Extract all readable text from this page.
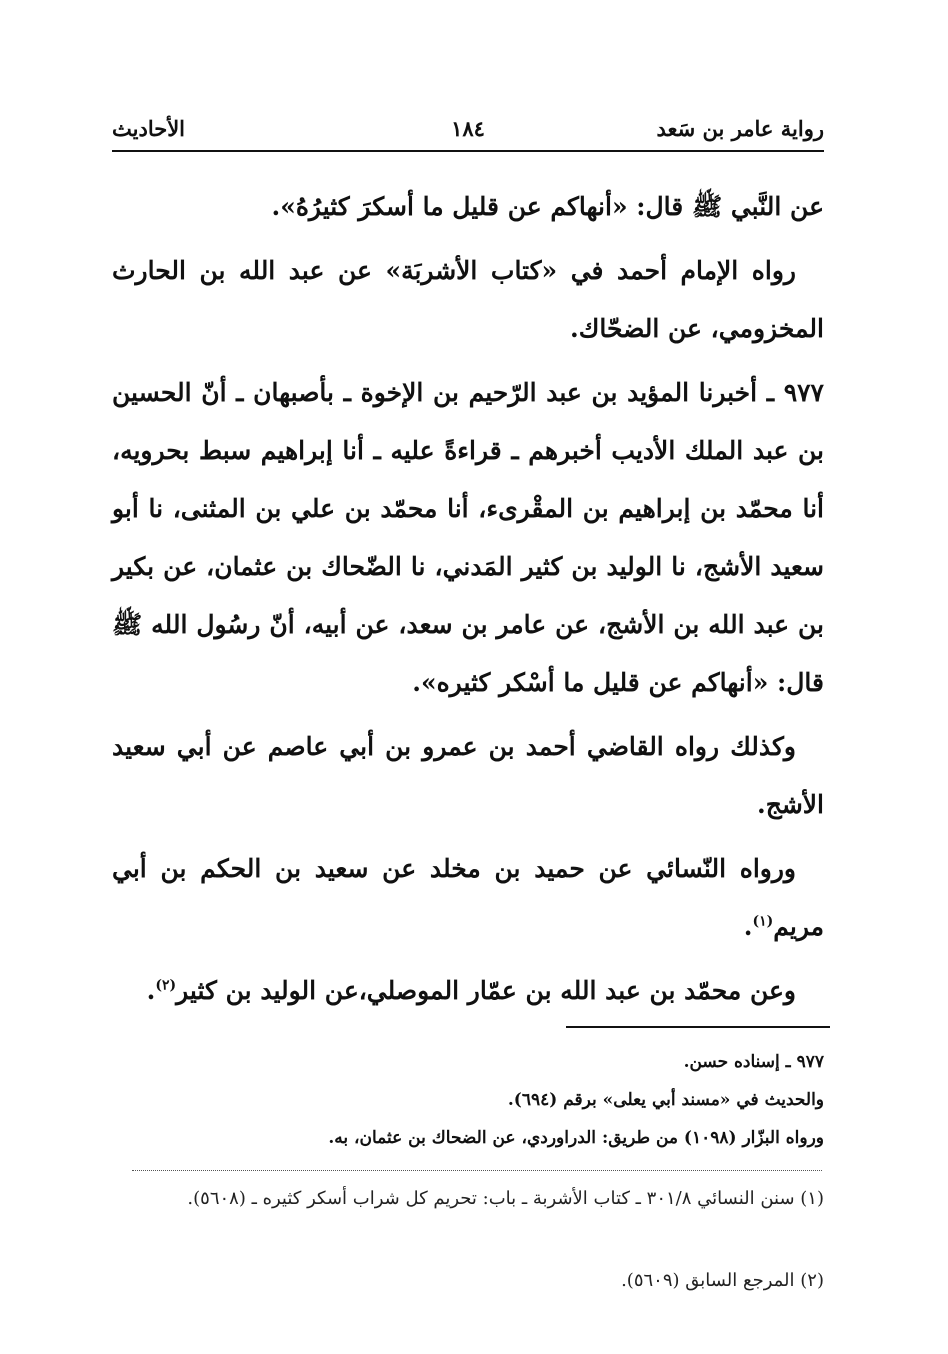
رواية عامر بن سَعد
١٨٤
الأحاديث

عن النَّبي ﷺ قال: «أنهاكم عن قليل ما أسكرَ كثيرُهُ».

رواه الإمام أحمد في «كتاب الأشربَة» عن عبد الله بن الحارث المخزومي، عن الضحّاك.

٩٧٧ ـ أخبرنا المؤيد بن عبد الرّحيم بن الإخوة ـ بأصبهان ـ أنّ الحسين بن عبد الملك الأديب أخبرهم ـ قراءةً عليه ـ أنا إبراهيم سبط بحرويه، أنا محمّد بن إبراهيم بن المقْرىء، أنا محمّد بن علي بن المثنى، نا أبو سعيد الأشج، نا الوليد بن كثير المَدني، نا الضّحاك بن عثمان، عن بكير بن عبد الله بن الأشج، عن عامر بن سعد، عن أبيه، أنّ رسُول الله ﷺ قال: «أنهاكم عن قليل ما أسْكر كثيره».

وكذلك رواه القاضي أحمد بن عمرو بن أبي عاصم عن أبي سعيد الأشج.

ورواه النّسائي عن حميد بن مخلد عن سعيد بن الحكم بن أبي مريم$^{(١)}$.

وعن محمّد بن عبد الله بن عمّار الموصلي،عن الوليد بن كثير$^{(٢)}$.

٩٧٧ ـ إسناده حسن.

والحديث في «مسند أبي يعلى» برقم (٦٩٤).

ورواه البزّار (١٠٩٨) من طريق: الدراوردي، عن الضحاك بن عثمان، به.

(١) سنن النسائي ٣٠١/٨ ـ كتاب الأشربة ـ باب: تحريم كل شراب أسكر كثيره ـ (٥٦٠٨).

(٢) المرجع السابق (٥٦٠٩).
